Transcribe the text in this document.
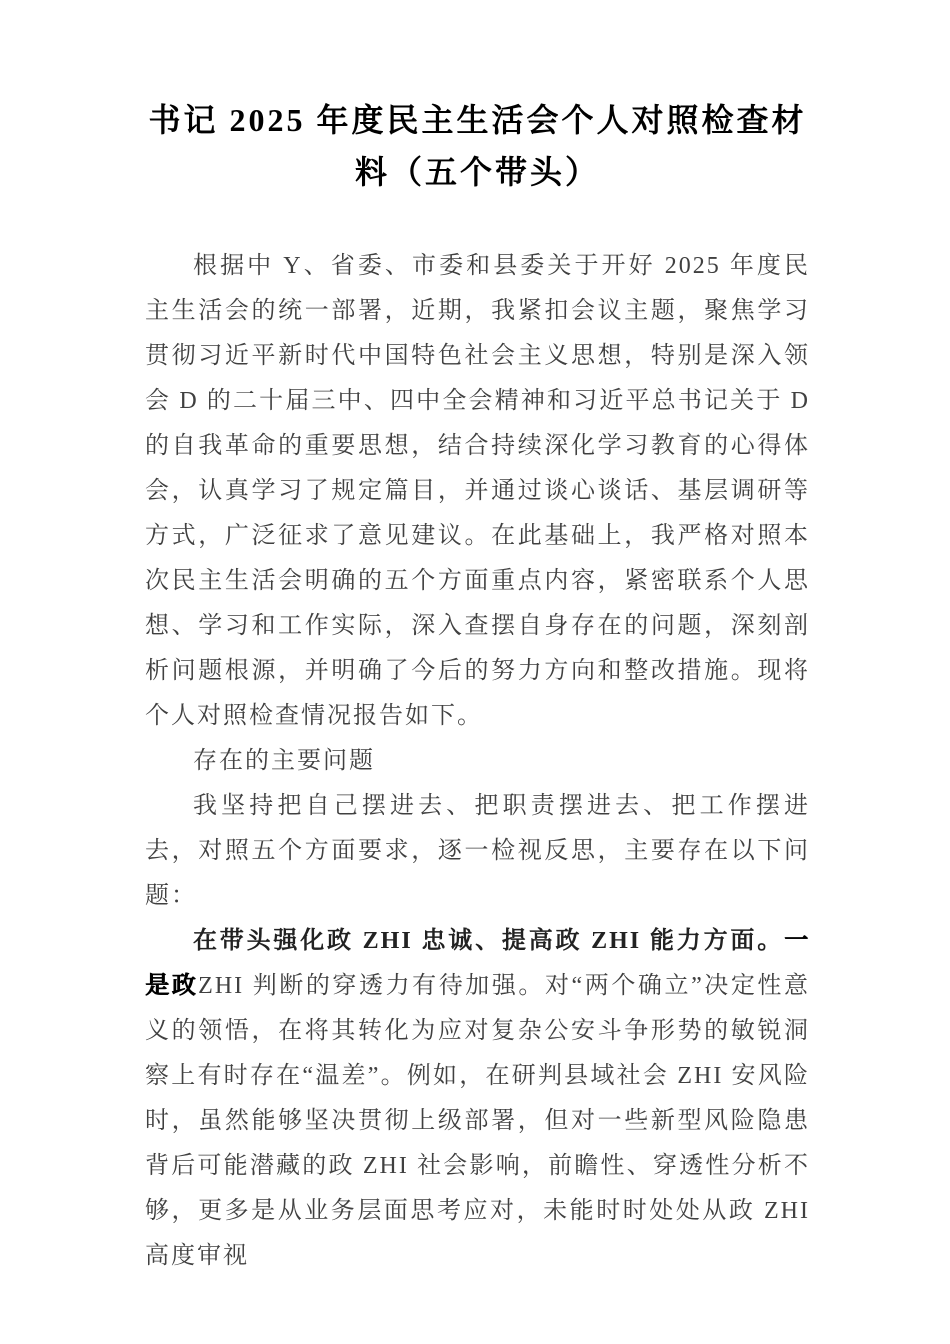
书记 2025 年度民主生活会个人对照检查材料（五个带头）

根据中 Y、省委、市委和县委关于开好 2025 年度民主生活会的统一部署，近期，我紧扣会议主题，聚焦学习贯彻习近平新时代中国特色社会主义思想，特别是深入领会 D 的二十届三中、四中全会精神和习近平总书记关于 D 的自我革命的重要思想，结合持续深化学习教育的心得体会，认真学习了规定篇目，并通过谈心谈话、基层调研等方式，广泛征求了意见建议。在此基础上，我严格对照本次民主生活会明确的五个方面重点内容，紧密联系个人思想、学习和工作实际，深入查摆自身存在的问题，深刻剖析问题根源，并明确了今后的努力方向和整改措施。现将个人对照检查情况报告如下。

存在的主要问题

我坚持把自己摆进去、把职责摆进去、把工作摆进去，对照五个方面要求，逐一检视反思，主要存在以下问题：

在带头强化政 ZHI 忠诚、提高政 ZHI 能力方面。一是政ZHI 判断的穿透力有待加强。对“两个确立”决定性意义的领悟，在将其转化为应对复杂公安斗争形势的敏锐洞察上有时存在“温差”。例如，在研判县域社会 ZHI 安风险时，虽然能够坚决贯彻上级部署，但对一些新型风险隐患背后可能潜藏的政 ZHI 社会影响，前瞻性、穿透性分析不够，更多是从业务层面思考应对，未能时时处处从政 ZHI 高度审视
